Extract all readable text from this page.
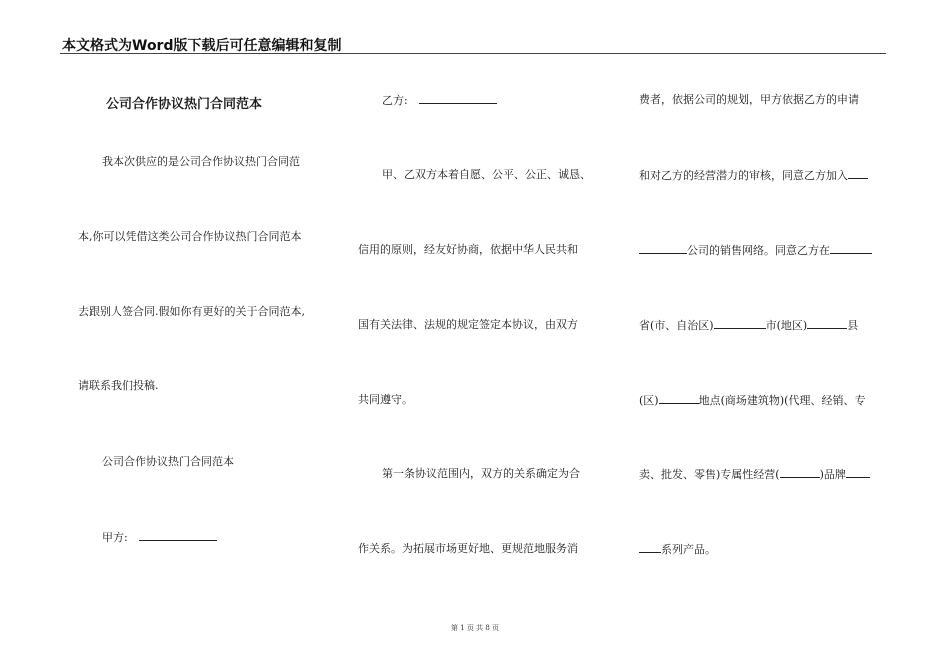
本文格式为Word版下载后可任意编辑和复制
公司合作协议热门合同范本
我本次供应的是公司合作协议热门合同范
本,你可以凭借这类公司合作协议热门合同范本
去跟别人签合同.假如你有更好的关于合同范本,
请联系我们投稿.
公司合作协议热门合同范本
甲方:
乙方:
甲、乙双方本着自愿、公平、公正、诚恳、
信用的原则，经友好协商，依据中华人民共和
国有关法律、法规的规定签定本协议，由双方
共同遵守。
第一条协议范围内，双方的关系确定为合
作关系。为拓展市场更好地、更规范地服务消
费者，依据公司的规划，甲方依据乙方的申请
和对乙方的经营潜力的审核，同意乙方加入
公司的销售网络。同意乙方在
省(市、自治区)	市(地区)	县
(区)	地点(商场建筑物)(代理、经销、专
卖、批发、零售)专属性经营(	)品牌
系列产品。
第 1 页 共 8 页
